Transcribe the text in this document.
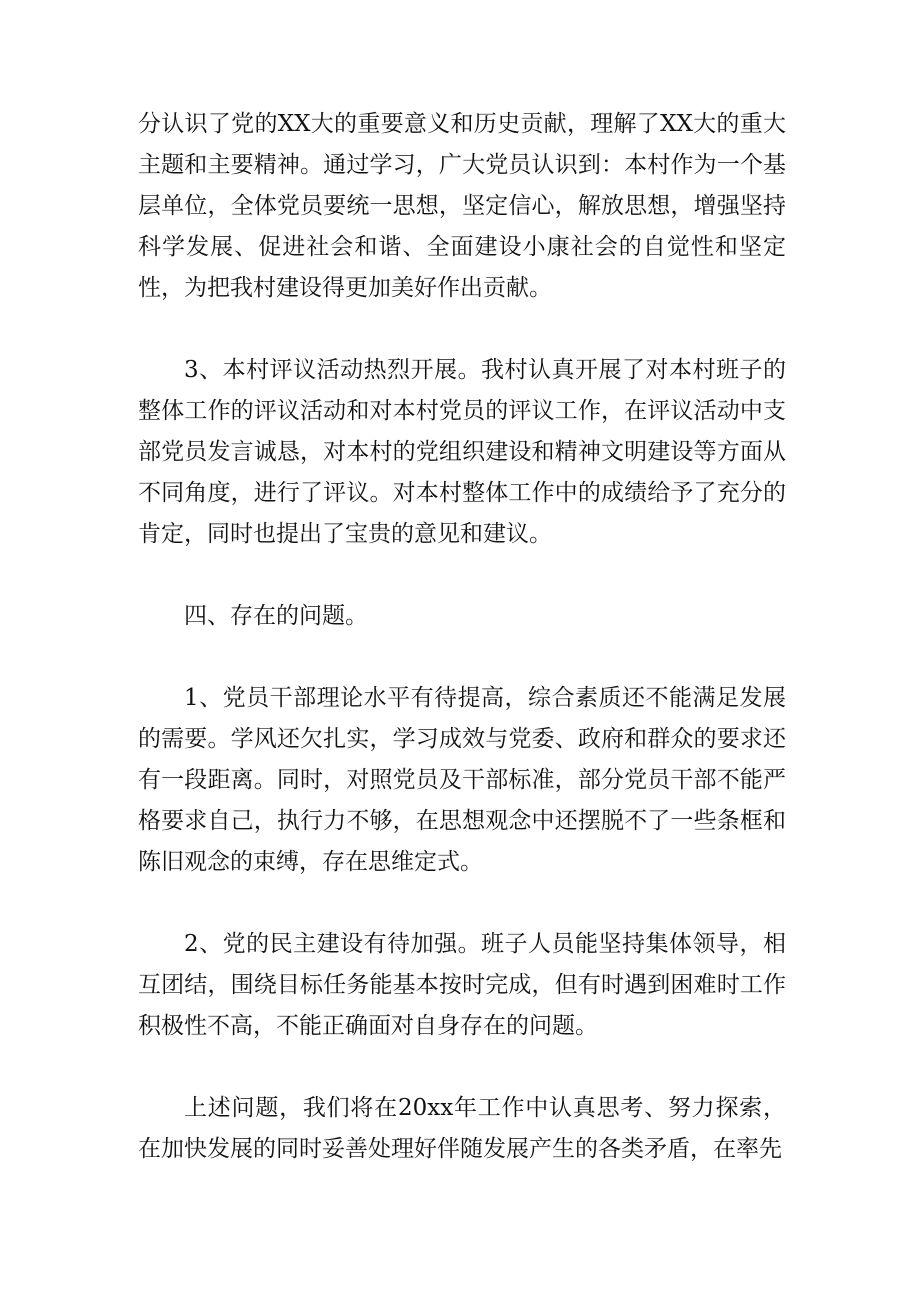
分认识了党的XX大的重要意义和历史贡献，理解了XX大的重大主题和主要精神。通过学习，广大党员认识到：本村作为一个基层单位，全体党员要统一思想，坚定信心，解放思想，增强坚持科学发展、促进社会和谐、全面建设小康社会的自觉性和坚定性，为把我村建设得更加美好作出贡献。

3、本村评议活动热烈开展。我村认真开展了对本村班子的整体工作的评议活动和对本村党员的评议工作，在评议活动中支部党员发言诚恳，对本村的党组织建设和精神文明建设等方面从不同角度，进行了评议。对本村整体工作中的成绩给予了充分的肯定，同时也提出了宝贵的意见和建议。

四、存在的问题。

1、党员干部理论水平有待提高，综合素质还不能满足发展的需要。学风还欠扎实，学习成效与党委、政府和群众的要求还有一段距离。同时，对照党员及干部标准，部分党员干部不能严格要求自己，执行力不够，在思想观念中还摆脱不了一些条框和陈旧观念的束缚，存在思维定式。

2、党的民主建设有待加强。班子人员能坚持集体领导，相互团结，围绕目标任务能基本按时完成，但有时遇到困难时工作积极性不高，不能正确面对自身存在的问题。

上述问题，我们将在20xx年工作中认真思考、努力探索，在加快发展的同时妥善处理好伴随发展产生的各类矛盾，在率先
